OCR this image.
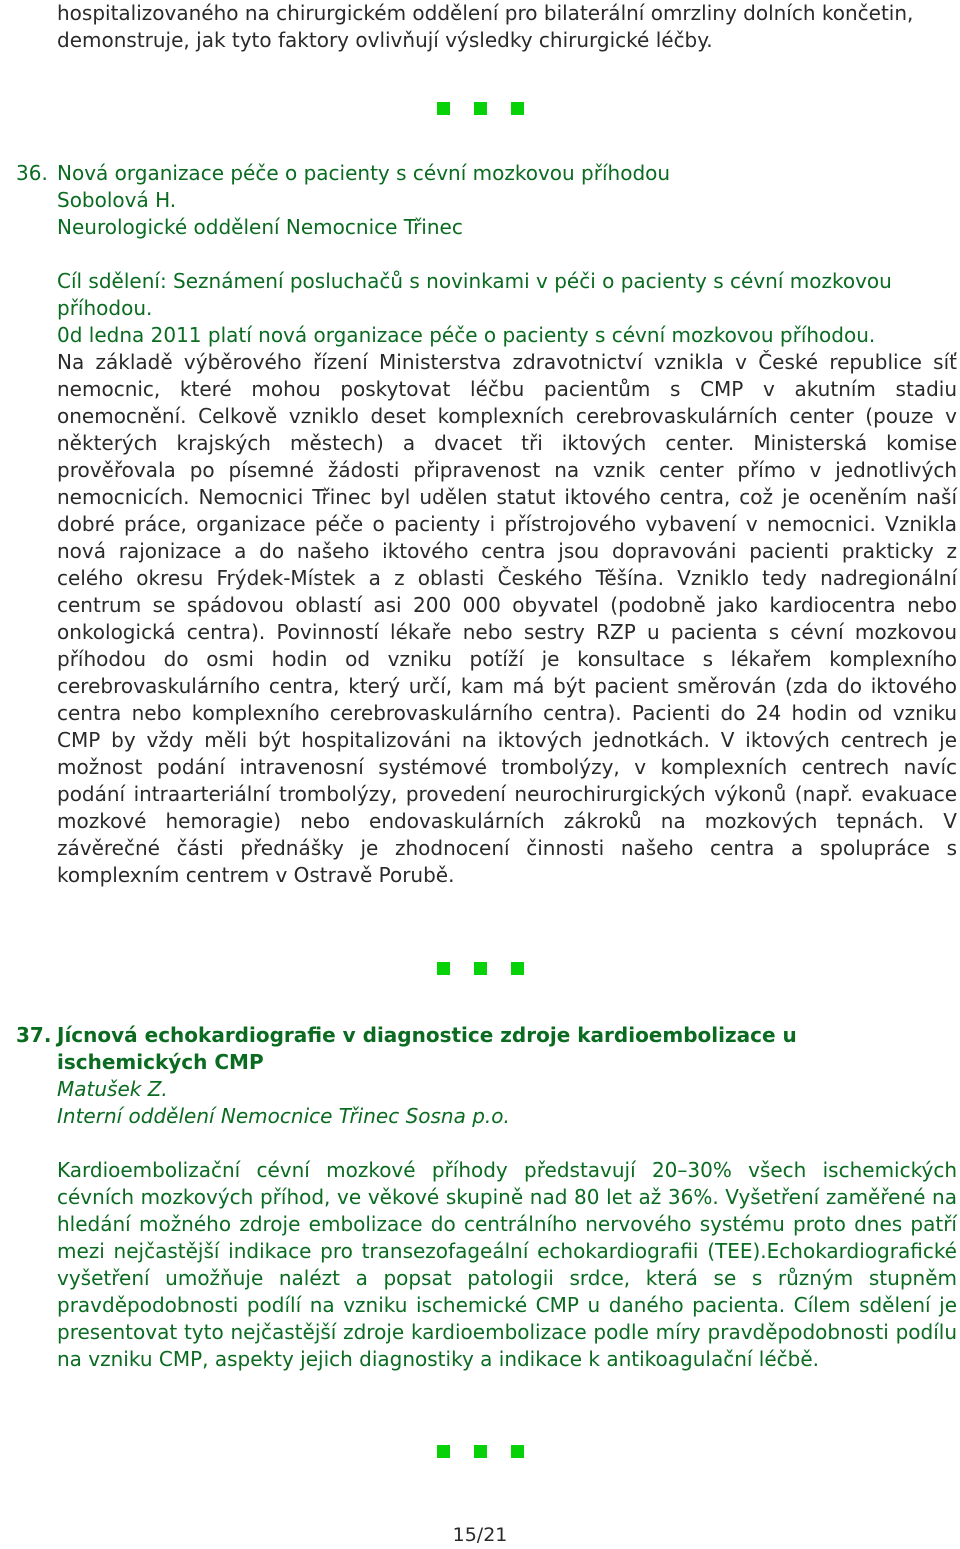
hospitalizovaného na chirurgickém oddělení pro bilaterální omrzliny dolních končetin,

demonstruje, jak tyto faktory ovlivňují výsledky chirurgické léčby.

36. Nová organizace péče o pacienty s cévní mozkovou příhodou
Sobolová H.
Neurologické oddělení Nemocnice Třinec

Cíl sdělení: Seznámení posluchačů s novinkami v péči o pacienty s cévní mozkovou

příhodou.

0d ledna 2011 platí nová organizace péče o pacienty s cévní mozkovou příhodou.
Na základě výběrového řízení Ministerstva zdravotnictví vznikla v České republice síť nemocnic, které mohou poskytovat léčbu pacientům s CMP v akutním stadiu onemocnění. Celkově vzniklo deset komplexních cerebrovaskulárních center (pouze v některých krajských městech) a dvacet tři iktových center. Ministerská komise prověřovala po písemné žádosti připravenost na vznik center přímo v jednotlivých nemocnicích. Nemocnici Třinec byl udělen statut iktového centra, což je oceněním naší dobré práce, organizace péče o pacienty i přístrojového vybavení v nemocnici. Vznikla nová rajonizace a do našeho iktového centra jsou dopravováni pacienti prakticky z celého okresu Frýdek-Místek a z oblasti Českého Těšína. Vzniklo tedy nadregionální centrum se spádovou oblastí asi 200 000 obyvatel (podobně jako kardiocentra nebo onkologická centra). Povinností lékaře nebo sestry RZP u pacienta s cévní mozkovou příhodou do osmi hodin od vzniku potíží je konsultace s lékařem komplexního cerebrovaskulárního centra, který určí, kam má být pacient směrován (zda do iktového centra nebo komplexního cerebrovaskulárního centra). Pacienti do 24 hodin od vzniku CMP by vždy měli být hospitalizováni na iktových jednotkách. V iktových centrech je možnost podání intravenosní systémové trombolýzy, v komplexních centrech navíc podání intraarteriální trombolýzy, provedení neurochirurgických výkonů (např. evakuace mozkové hemoragie) nebo endovaskulárních zákroků na mozkových tepnách. V závěrečné části přednášky je zhodnocení činnosti našeho centra a spolupráce s komplexním centrem v Ostravě Porubě.
37. Jícnová echokardiografie v diagnostice zdroje kardioembolizace u ischemických CMP
Matušek Z.
Interní oddělení Nemocnice Třinec Sosna p.o.
Kardioembolizační cévní mozkové příhody představují 20–30% všech ischemických cévních mozkových příhod, ve věkové skupině nad 80 let až 36%. Vyšetření zaměřené na hledání možného zdroje embolizace do centrálního nervového systému proto dnes patří mezi nejčastější indikace pro transezofageální echokardiografii (TEE).Echokardiografické vyšetření umožňuje nalézt a popsat patologii srdce, která se s různým stupněm pravděpodobnosti podílí na vzniku ischemické CMP u daného pacienta. Cílem sdělení je presentovat tyto nejčastější zdroje kardioembolizace podle míry pravděpodobnosti podílu na vzniku CMP, aspekty jejich diagnostiky a indikace k antikoagulační léčbě.
15/21
